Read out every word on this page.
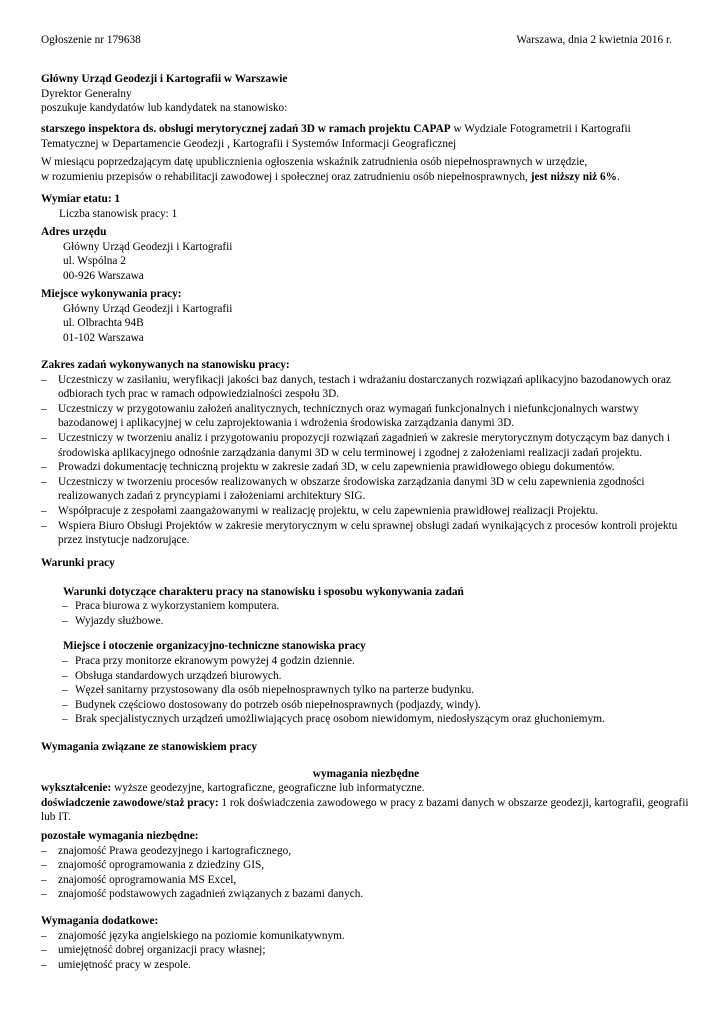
Ogłoszenie nr 179638	Warszawa, dnia 2 kwietnia 2016 r.
Główny Urząd Geodezji i Kartografii w Warszawie
Dyrektor Generalny
poszukuje kandydatów lub kandydatek na stanowisko:

starszego inspektora ds. obsługi merytorycznej zadań 3D w ramach projektu CAPAP w Wydziale Fotogrametrii i Kartografii Tematycznej w Departamencie Geodezji , Kartografii i Systemów Informacji Geograficznej

W miesiącu poprzedzającym datę upublicznienia ogłoszenia wskaźnik zatrudnienia osób niepełnosprawnych w urzędzie,
w rozumieniu przepisów o rehabilitacji zawodowej i społecznej oraz zatrudnieniu osób niepełnosprawnych, jest niższy niż 6%.
Wymiar etatu: 1
Liczba stanowisk pracy: 1
Adres urzędu
Główny Urząd Geodezji i Kartografii
ul. Wspólna 2
00-926 Warszawa
Miejsce wykonywania pracy:
Główny Urząd Geodezji i Kartografii
ul. Olbrachta 94B
01-102 Warszawa
Zakres zadań wykonywanych na stanowisku pracy:
– Uczestniczy w zasilaniu, weryfikacji jakości baz danych, testach i wdrażaniu dostarczanych rozwiązań aplikacyjno bazodanowych oraz odbiorach tych prac w ramach odpowiedzialności zespołu 3D.
– Uczestniczy w przygotowaniu założeń analitycznych, technicznych oraz wymagań funkcjonalnych i niefunkcjonalnych warstwy bazodanowej i aplikacyjnej w celu zaprojektowania i wdrożenia środowiska zarządzania danymi 3D.
– Uczestniczy w tworzeniu analiz i przygotowaniu propozycji rozwiązań zagadnień w zakresie merytorycznym dotyczącym baz danych i środowiska aplikacyjnego odnośnie zarządzania danymi 3D w celu terminowej i zgodnej z założeniami realizacji zadań projektu.
– Prowadzi dokumentację techniczną projektu w zakresie zadań 3D, w celu zapewnienia prawidłowego obiegu dokumentów.
– Uczestniczy w tworzeniu procesów realizowanych w obszarze środowiska zarządzania danymi 3D w celu zapewnienia zgodności realizowanych zadań z pryncypiami i założeniami architektury SIG.
– Współpracuje z zespołami zaangażowanymi w realizację projektu, w celu zapewnienia prawidłowej realizacji Projektu.
– Wspiera Biuro Obsługi Projektów w zakresie merytorycznym w celu sprawnej obsługi zadań wynikających z procesów kontroli projektu przez instytucje nadzorujące.
Warunki pracy
Warunki dotyczące charakteru pracy na stanowisku i sposobu wykonywania zadań
– Praca biurowa z wykorzystaniem komputera.
– Wyjazdy służbowe.
Miejsce i otoczenie organizacyjno-techniczne stanowiska pracy
– Praca przy monitorze ekranowym powyżej 4 godzin dziennie.
– Obsługa standardowych urządzeń biurowych.
– Węzeł sanitarny przystosowany dla osób niepełnosprawnych tylko na parterze budynku.
– Budynek częściowo dostosowany do potrzeb osób niepełnosprawnych (podjazdy, windy).
– Brak specjalistycznych urządzeń umożliwiających pracę osobom niewidomym, niedosłyszącym oraz głuchoniemym.
Wymagania związane ze stanowiskiem pracy
wymagania niezbędne
wykształcenie: wyższe geodezyjne, kartograficzne, geograficzne lub informatyczne.
doświadczenie zawodowe/staż pracy: 1 rok doświadczenia zawodowego w pracy z bazami danych w obszarze geodezji, kartografii, geografii lub IT.
pozostałe wymagania niezbędne:
– znajomość Prawa geodezyjnego i kartograficznego,
– znajomość oprogramowania z dziedziny GIS,
– znajomość oprogramowania MS Excel,
– znajomość podstawowych zagadnień związanych z bazami danych.
Wymagania dodatkowe:
– znajomość języka angielskiego na poziomie komunikatywnym.
– umiejętność dobrej organizacji pracy własnej;
– umiejętność pracy w zespole.
